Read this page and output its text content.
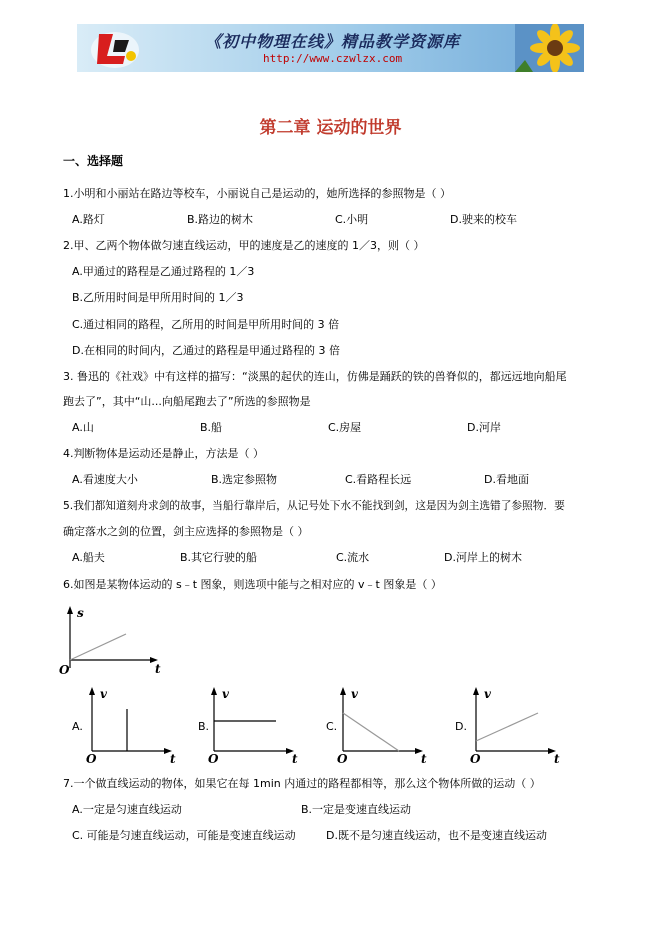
《初中物理在线》精品教学资源库
http://www.czwlzx.com
第二章 运动的世界
一、选择题
1.小明和小丽站在路边等校车，小丽说自己是运动的，她所选择的参照物是（ ）
A.路灯	B.路边的树木	C.小明	D.驶来的校车
2.甲、乙两个物体做匀速直线运动，甲的速度是乙的速度的 1／3，则（ ）
A.甲通过的路程是乙通过路程的 1／3
B.乙所用时间是甲所用时间的 1／3
C.通过相同的路程，乙所用的时间是甲所用时间的 3 倍
D.在相同的时间内，乙通过的路程是甲通过路程的 3 倍
3. 鲁迅的《社戏》中有这样的描写：“淡黑的起伏的连山，仿佛是踊跃的铁的兽脊似的，都远远地向船尾
跑去了”，其中“山...向船尾跑去了”所选的参照物是
A.山	B.船	C.房屋	D.河岸
4.判断物体是运动还是静止，方法是（ ）
A.看速度大小	B.选定参照物	C.看路程长远	D.看地面
5.我们都知道刻舟求剑的故事，当船行靠岸后，从记号处下水不能找到剑，这是因为剑主选错了参照物．要
确定落水之剑的位置，剑主应选择的参照物是（ ）
A.船夫	B.其它行驶的船	C.流水	D.河岸上的树木
6.如图是某物体运动的 s﹣t 图象，则选项中能与之相对应的 v﹣t 图象是（ ）
s
t
O
A.
v
t
O
B.
v
t
O
C.
v
t
O
D.
v
t
O
7.一个做直线运动的物体，如果它在每 1min 内通过的路程都相等，那么这个物体所做的运动（ ）
A.一定是匀速直线运动	B.一定是变速直线运动
C. 可能是匀速直线运动，可能是变速直线运动	D.既不是匀速直线运动，也不是变速直线运动
